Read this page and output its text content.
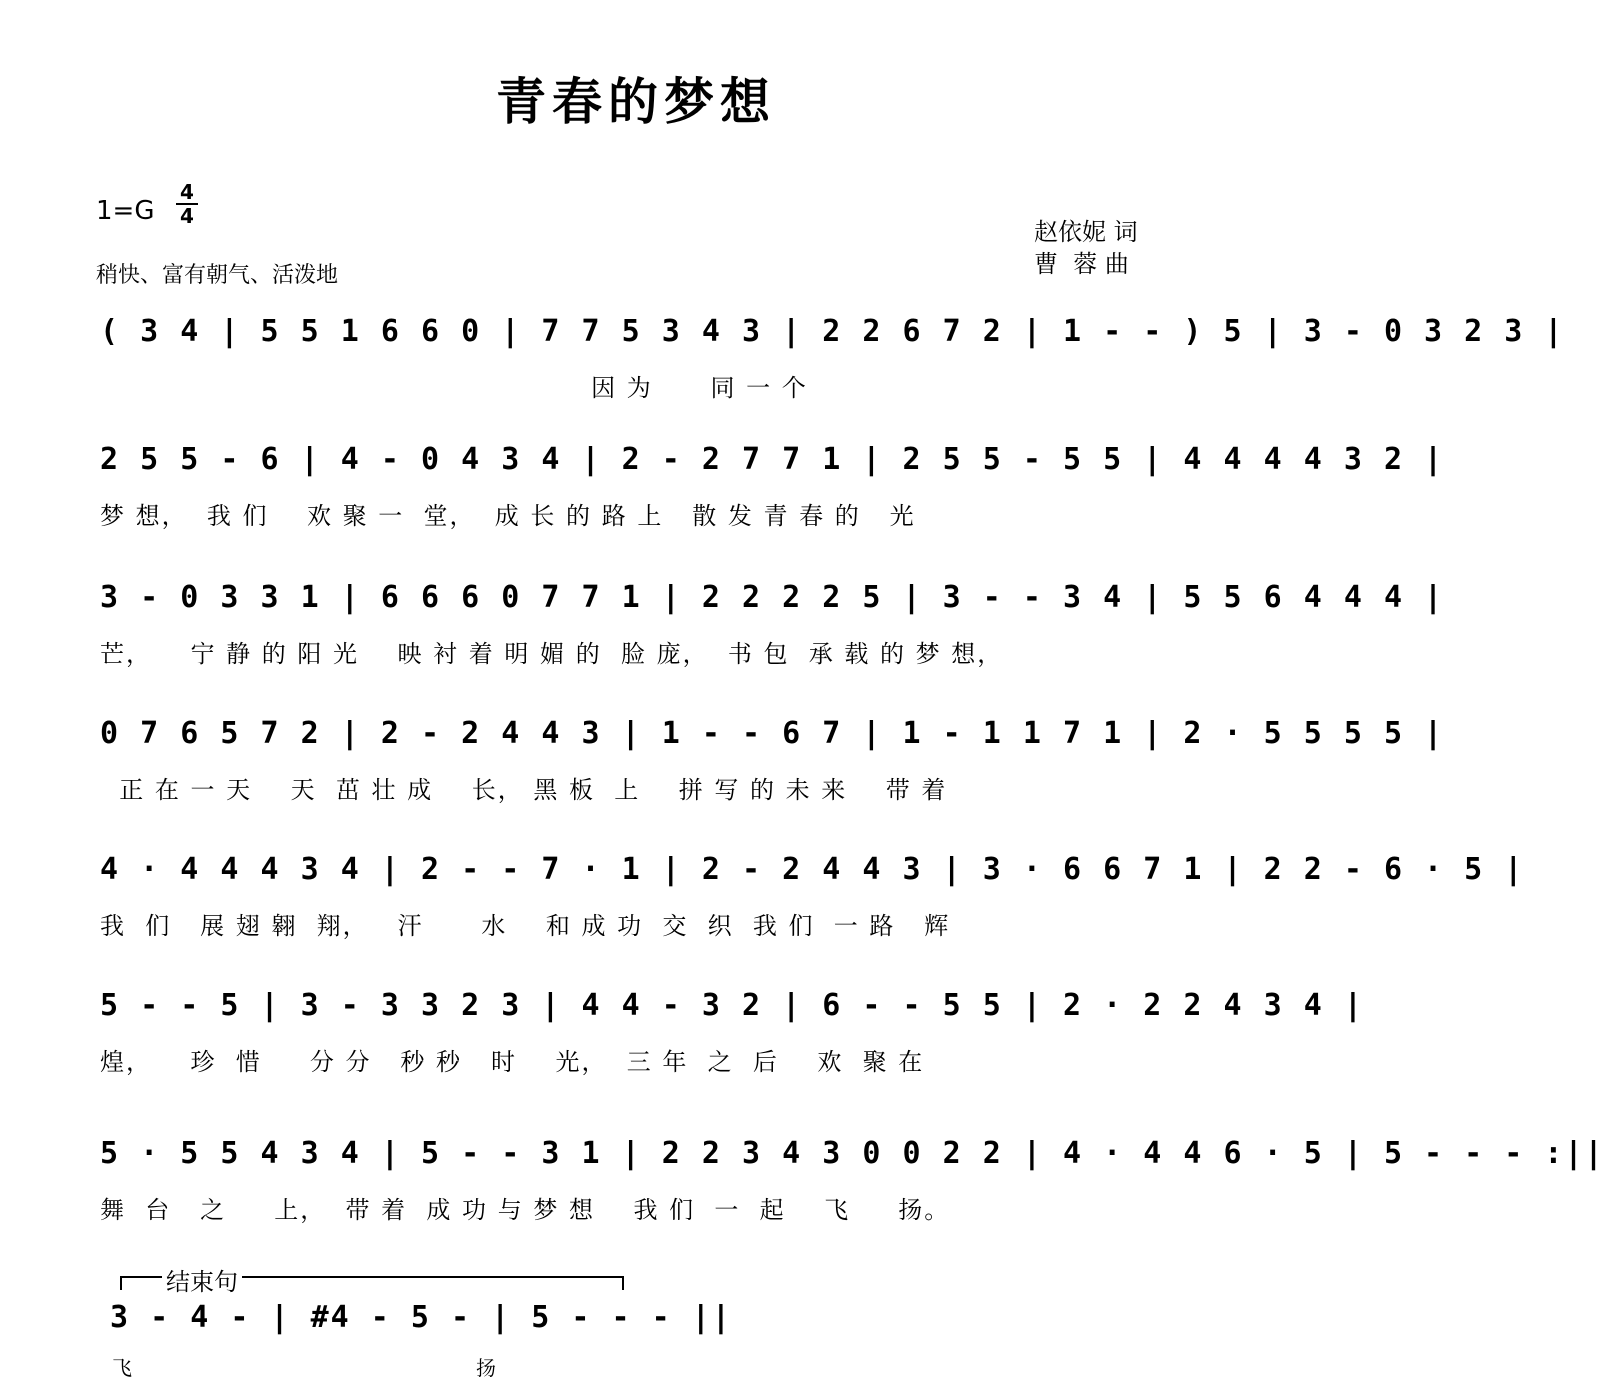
青春的梦想
1=G
4
4
稍快、富有朝气、活泼地
赵依妮 词
曹  蓉 曲
( 3 4 | 5 5 1 6 6 0 | 7 7 5 3 4 3 | 2 2 6 7 2 | 1 - - ) 5 | 3 - 0 3 2 3 |
因 为      同 一 个
2 5 5 - 6 | 4 - 0 4 3 4 | 2 - 2 7 7 1 | 2 5 5 - 5 5 | 4 4 4 4 3 2 |
梦 想，  我 们    欢 聚 一  堂，  成 长 的 路 上   散 发 青 春 的   光
3 - 0 3 3 1 | 6 6 6 0 7 7 1 | 2 2 2 2 5 | 3 - - 3 4 | 5 5 6 4 4 4 |
芒，    宁 静 的 阳 光    映 衬 着 明 媚 的  脸 庞，  书 包  承 载 的 梦 想，
0 7 6 5 7 2 | 2 - 2 4 4 3 | 1 - - 6 7 | 1 - 1 1 7 1 | 2 · 5 5 5 5 |
正 在 一 天    天  茁 壮 成    长， 黑 板  上    拼 写 的 未 来    带 着
4 · 4 4 4 3 4 | 2 - - 7 · 1 | 2 - 2 4 4 3 | 3 · 6 6 7 1 | 2 2 - 6 · 5 |
我  们   展 翅 翱  翔，   汗      水    和 成 功  交  织  我 们  一 路   辉
5 - - 5 | 3 - 3 3 2 3 | 4 4 - 3 2 | 6 - - 5 5 | 2 · 2 2 4 3 4 |
煌，    珍  惜     分 分   秒 秒   时    光，  三 年  之  后    欢  聚 在
5 · 5 5 4 3 4 | 5 - - 3 1 | 2 2 3 4 3 0 0 2 2 | 4 · 4 4 6 · 5 | 5 - - - :||
舞  台   之     上，  带 着  成 功 与 梦 想    我 们  一  起    飞     扬。
结束句
3 - 4 - | #4 - 5 - | 5 - - - ||
飞	扬
